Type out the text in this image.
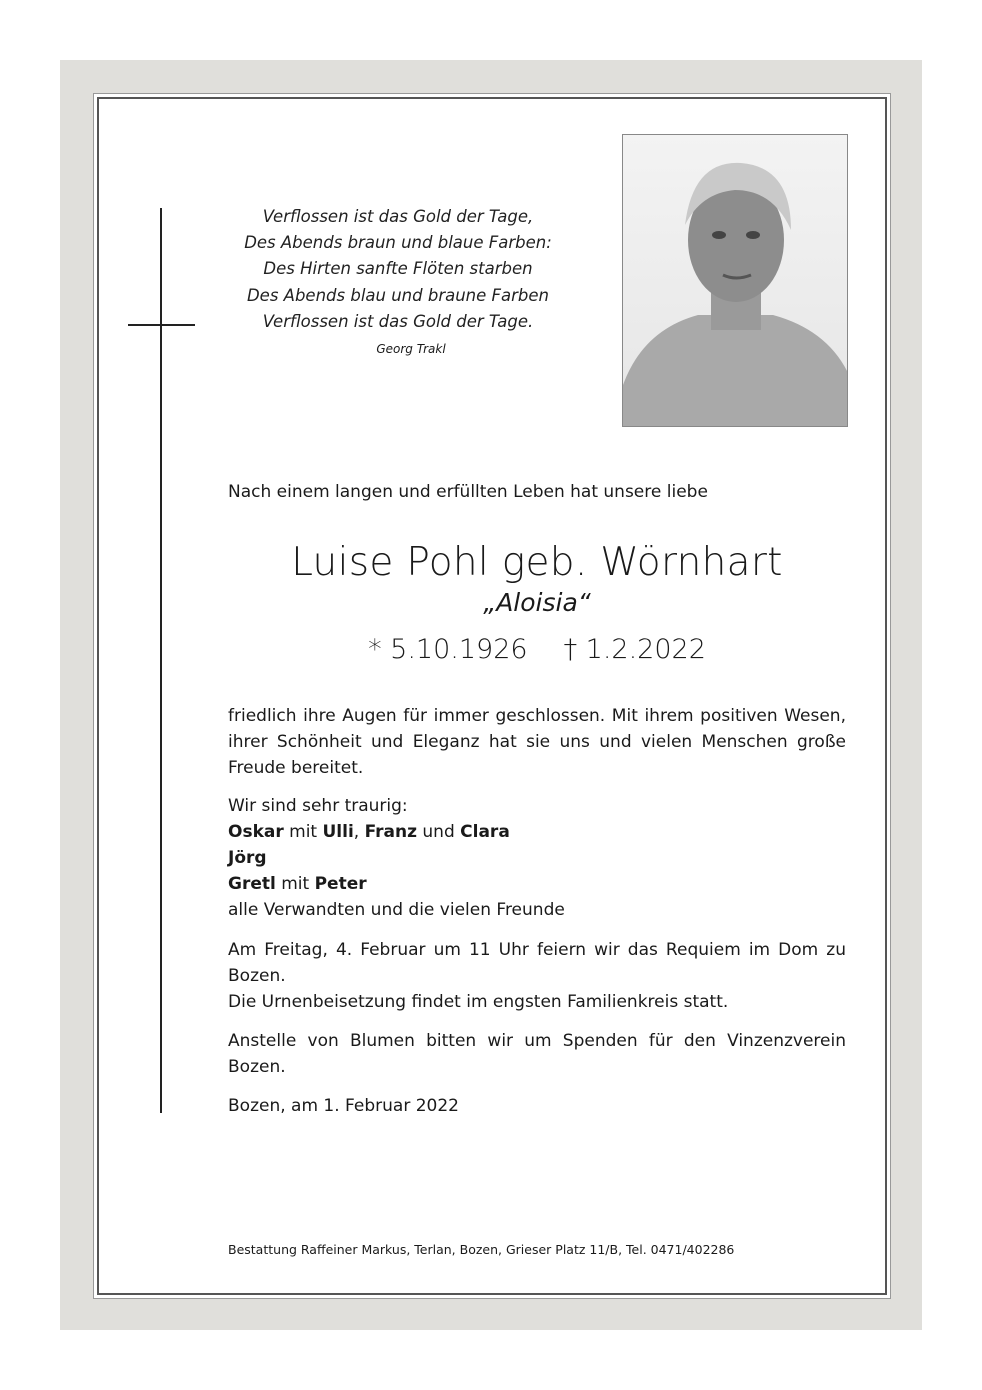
Verflossen ist das Gold der Tage,
Des Abends braun und blaue Farben:
Des Hirten sanfte Flöten starben
Des Abends blau und braune Farben
Verflossen ist das Gold der Tage.
Georg Trakl
Nach einem langen und erfüllten Leben hat unsere liebe
Luise Pohl geb. Wörnhart
„Aloisia“
* 5.10.1926 † 1.2.2022
friedlich ihre Augen für immer geschlossen. Mit ihrem positiven Wesen, ihrer Schönheit und Eleganz hat sie uns und vielen Menschen große Freude bereitet.
Wir sind sehr traurig:
Oskar mit Ulli, Franz und Clara
Jörg
Gretl mit Peter
alle Verwandten und die vielen Freunde
Am Freitag, 4. Februar um 11 Uhr feiern wir das Requiem im Dom zu Bozen.
Die Urnenbeisetzung findet im engsten Familienkreis statt.
Anstelle von Blumen bitten wir um Spenden für den Vinzenzverein Bozen.
Bozen, am 1. Februar 2022
Bestattung Raffeiner Markus, Terlan, Bozen, Grieser Platz 11/B, Tel. 0471/402286
